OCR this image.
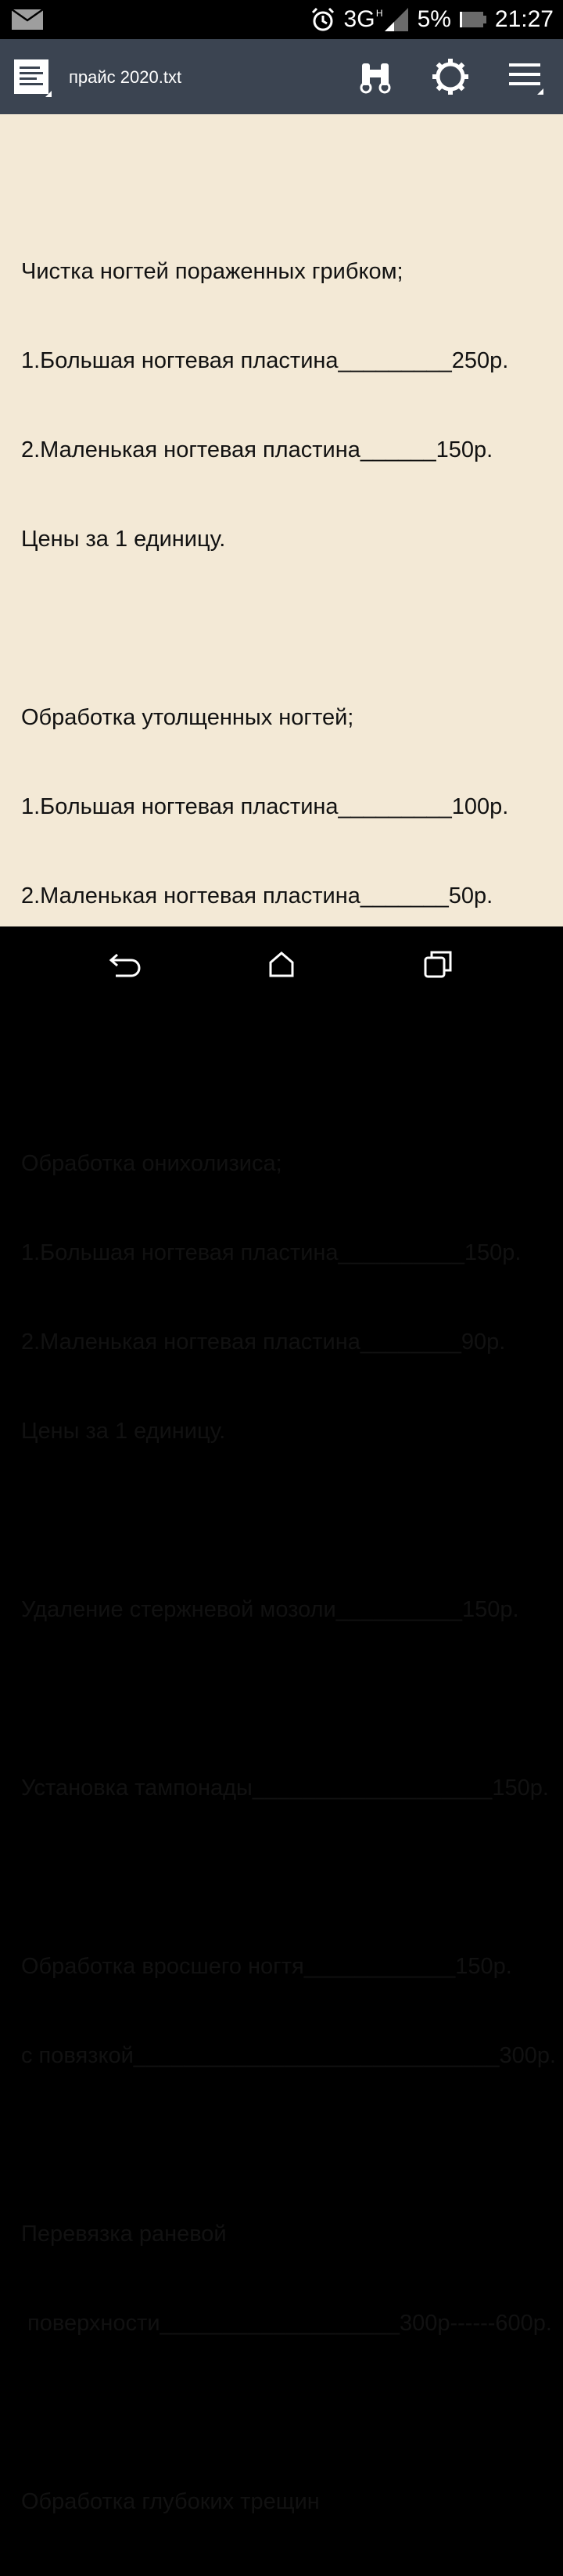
3G H 5% 21:27
прайс 2020.txt

Чистка ногтей пораженных грибком;

1.Большая ногтевая пластина_________250р.

2.Маленькая ногтевая пластина______150р.

Цены за 1 единицу.

Обработка утолщенных ногтей;

1.Большая ногтевая пластина_________100р.

2.Маленькая ногтевая пластина_______50р.

Обработка онихолизиса;

1.Большая ногтевая пластина__________150р.

2.Маленькая ногтевая пластина________90р.

Цены за 1 единицу.

Удаление стержневой мозоли__________150р.

Установка тампонады___________________150р.

Обработка вросшего ногтя____________150р.

с повязкой_____________________________300р.

Перевязка раневой

поверхности___________________300р------600р.

Обработка глубоких трещин
